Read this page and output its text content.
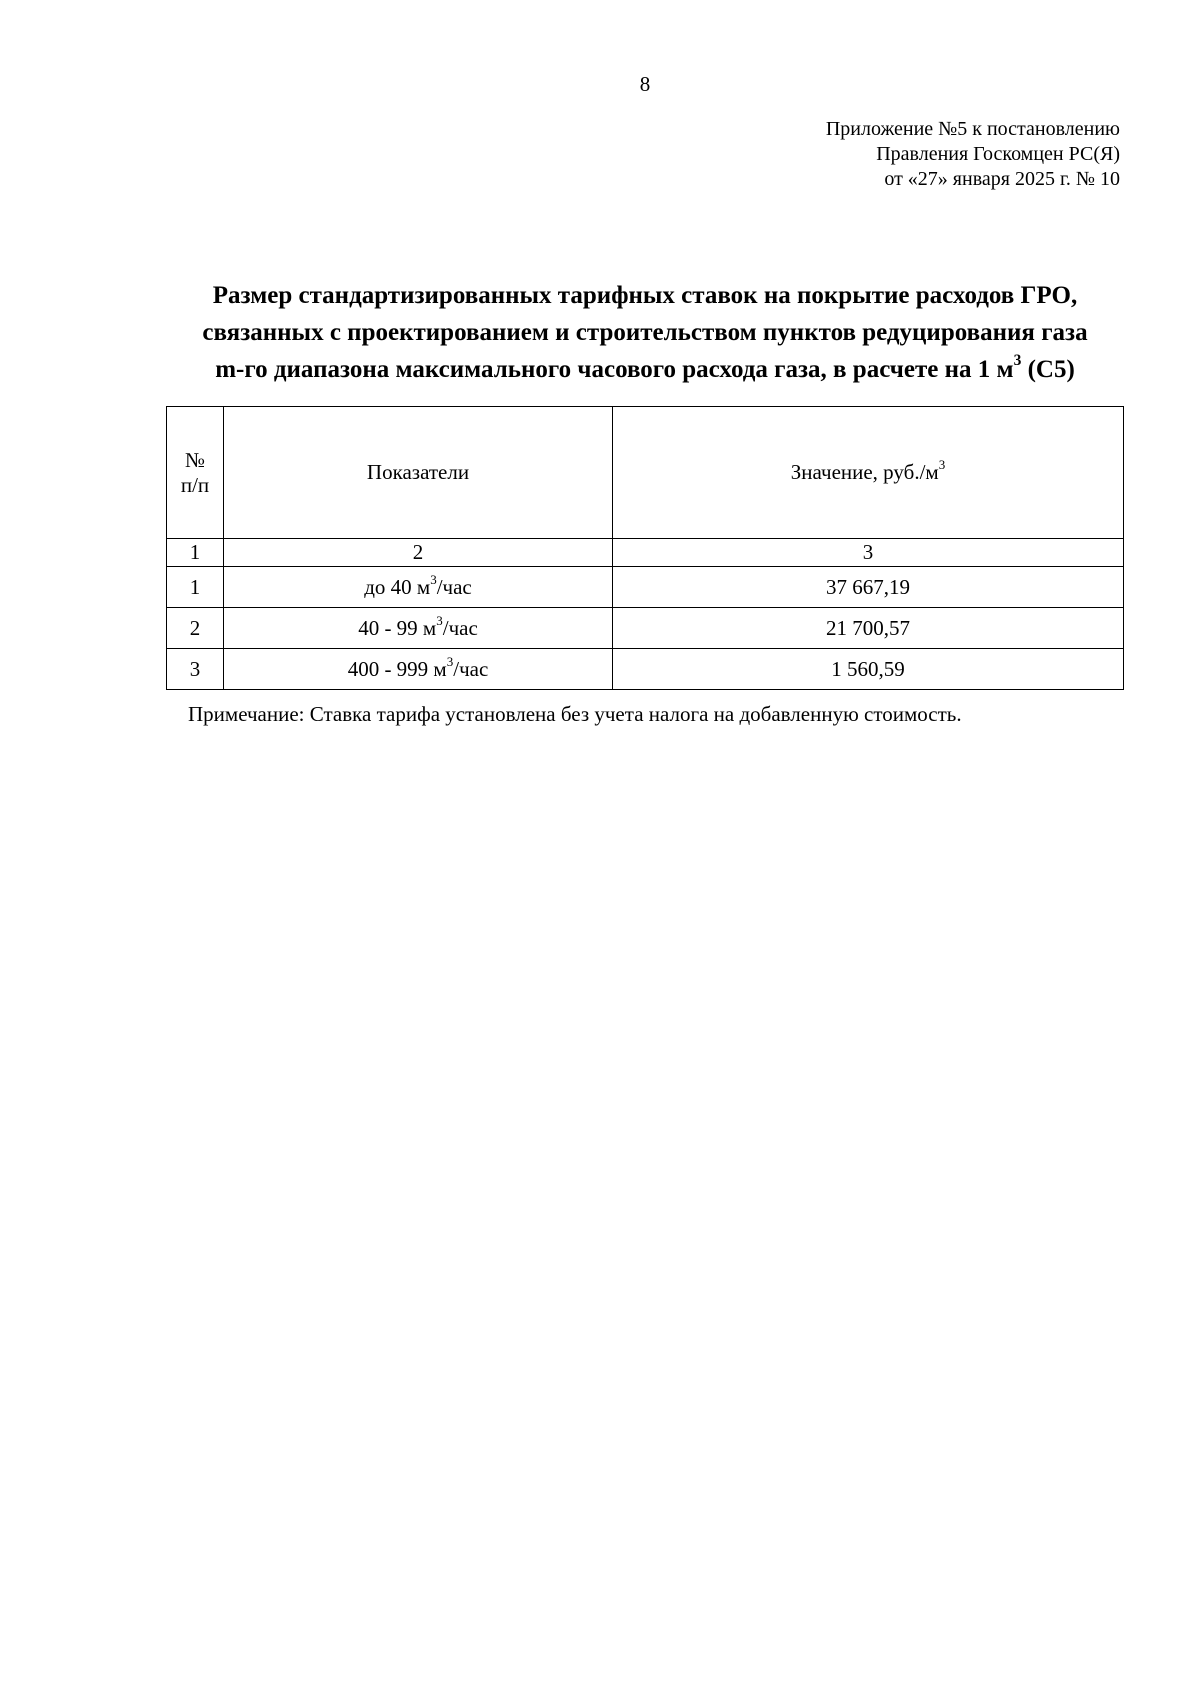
8
Приложение №5 к постановлению
Правления Госкомцен РС(Я)
от «27» января 2025 г. № 10
Размер стандартизированных тарифных ставок на покрытие расходов ГРО,
связанных с проектированием и строительством пунктов редуцирования газа
m-го диапазона максимального часового расхода газа, в расчете на 1 $м^3$ (С5)
№
п/п	Показатели	Значение, $руб./м^3$
1	2	3
1	до 40 $м^3$/час	37 667,19
2	40 - 99 $м^3$/час	21 700,57
3	400 - 999 $м^3$/час	1 560,59
Примечание: Ставка тарифа установлена без учета налога на добавленную стоимость.
